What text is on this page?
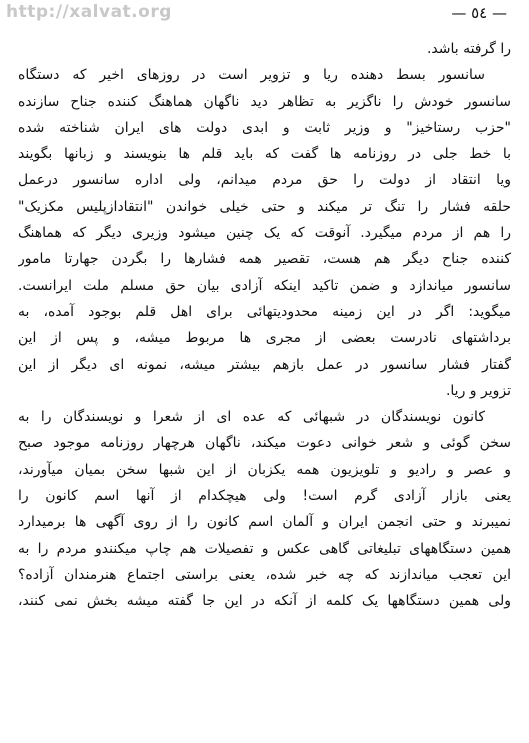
http://xalvat.org	— ٥٤ —
را گرفته باشد.
سانسور بسط دهنده ریا و تزویر است در روزهای اخیر که دستگاه
سانسور خودش را ناگزیر به تظاهر دید ناگهان هماهنگ کننده جناح سازنده
"حزب رستاخیز" و وزیر ثابت و ابدی دولت های ایران شناخته شده
با خط جلی در روزنامه ها گفت که باید قلم ها بنویسند و زبانها بگویند
ویا انتقاد از دولت را حق مردم میدانم، ولی اداره سانسور درعمل
حلقه فشار را تنگ تر میکند و حتی خیلی خواندن "انتقادازپلیس مکزیک"
را هم از مردم میگیرد. آنوقت که یک چنین میشود وزیری دیگر که هماهنگ
کننده جناح دیگر هم هست، تقصیر همه فشارها را بگردن جهارتا مامور
سانسور میاندازد و ضمن تاکید اینکه آزادی بیان حق مسلم ملت ایرانست.
میگوید: اگر در این زمینه محدودیتهائی برای اهل قلم بوجود آمده، به
برداشتهای نادرست بعضی از مجری ها مربوط میشه، و پس از این
گفتار فشار سانسور در عمل بازهم بیشتر میشه، نمونه ای دیگر از این
تزویر و ریا.
کانون نویسندگان در شبهائی که عده ای از شعرا و نویسندگان را به
سخن گوئی و شعر خوانی دعوت میکند، ناگهان هرچهار روزنامه موجود صبح
و عصر و رادیو و تلویزیون همه یکزبان از این شبها سخن بمیان میآورند،
یعنی بازار آزادی گرم است! ولی هیچکدام از آنها اسم کانون را
نمیبرند و حتی انجمن ایران و آلمان اسم کانون را از روی آگهی ها برمیدارد
همین دستگاههای تبلیغاتی گاهی عکس و تفصیلات هم چاپ میکنندو مردم را به
این تعجب میاندازند که چه خبر شده، یعنی براستی اجتماع هنرمندان آزاده؟
ولی همین دستگاهها یک کلمه از آنکه در این جا گفته میشه بخش نمی کنند،
